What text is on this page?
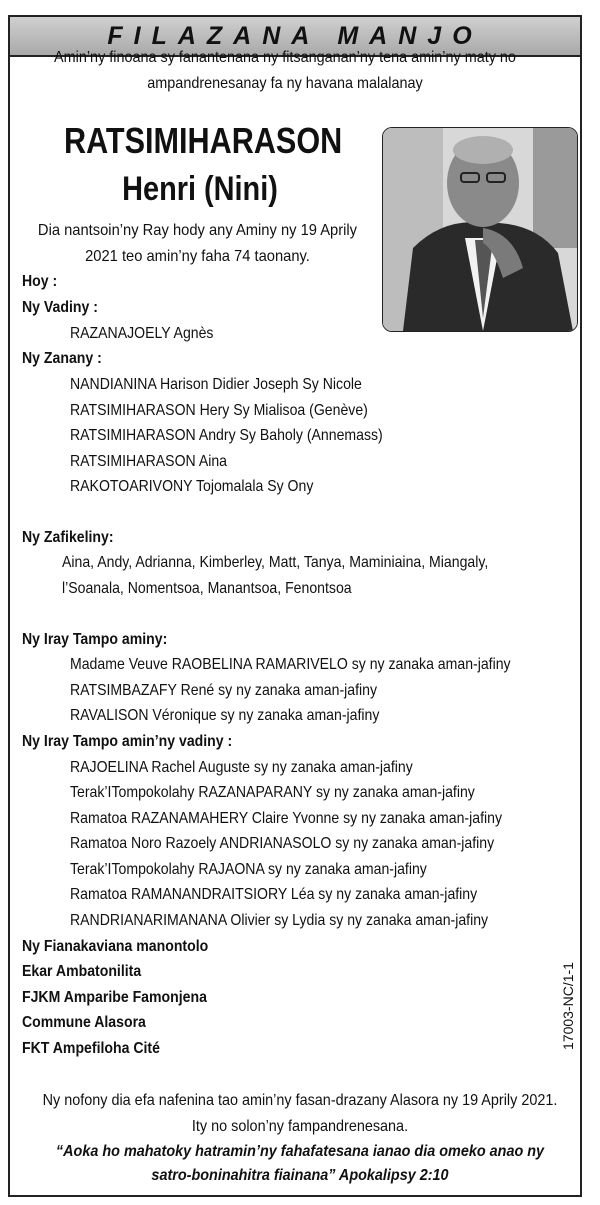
FILAZANA MANJO
Amin’ny finoana sy fanantenana ny fitsanganan’ny tena amin’ny maty no
ampandrenesanay fa ny havana malalanay
RATSIMIHARASON
Henri (Nini)
Dia nantsoin’ny Ray hody any Aminy ny 19 Aprily
2021 teo amin’ny faha 74 taonany.
Hoy :
Ny Vadiny :
RAZANAJOELY Agnès
Ny Zanany :
NANDIANINA Harison Didier Joseph Sy Nicole
RATSIMIHARASON Hery Sy Mialisoa (Genève)
RATSIMIHARASON Andry Sy Baholy (Annemass)
RATSIMIHARASON Aina
RAKOTOARIVONY Tojomalala Sy Ony
Ny Zafikeliny:
Aina, Andy, Adrianna, Kimberley, Matt, Tanya, Maminiaina, Miangaly,
l’Soanala, Nomentsoa, Manantsoa, Fenontsoa
Ny Iray Tampo aminy:
Madame Veuve RAOBELINA RAMARIVELO sy ny zanaka aman-jafiny
RATSIMBAZAFY René sy ny zanaka aman-jafiny
RAVALISON Véronique sy ny zanaka aman-jafiny
Ny Iray Tampo amin’ny vadiny :
RAJOELINA Rachel Auguste sy ny zanaka aman-jafiny
Terak’ITompokolahy RAZANAPARANY sy ny zanaka aman-jafiny
Ramatoa RAZANAMAHERY Claire Yvonne sy ny zanaka aman-jafiny
Ramatoa Noro Razoely ANDRIANASOLO sy ny zanaka aman-jafiny
Terak’ITompokolahy RAJAONA sy ny zanaka aman-jafiny
Ramatoa RAMANANDRAITSIORY Léa sy ny zanaka aman-jafiny
RANDRIANARIMANANA Olivier sy Lydia sy ny zanaka aman-jafiny
Ny Fianakaviana manontolo
Ekar Ambatonilita
FJKM Amparibe Famonjena
Commune Alasora
FKT Ampefiloha Cité	17003-NC/1-1
Ny nofony dia efa nafenina tao amin’ny fasan-drazany Alasora ny 19 Aprily 2021.
Ity no solon’ny fampandrenesana.
“Aoka ho mahatoky hatramin’ny fahafatesana ianao dia omeko anao ny
satro-boninahitra fiainana” Apokalipsy 2:10
